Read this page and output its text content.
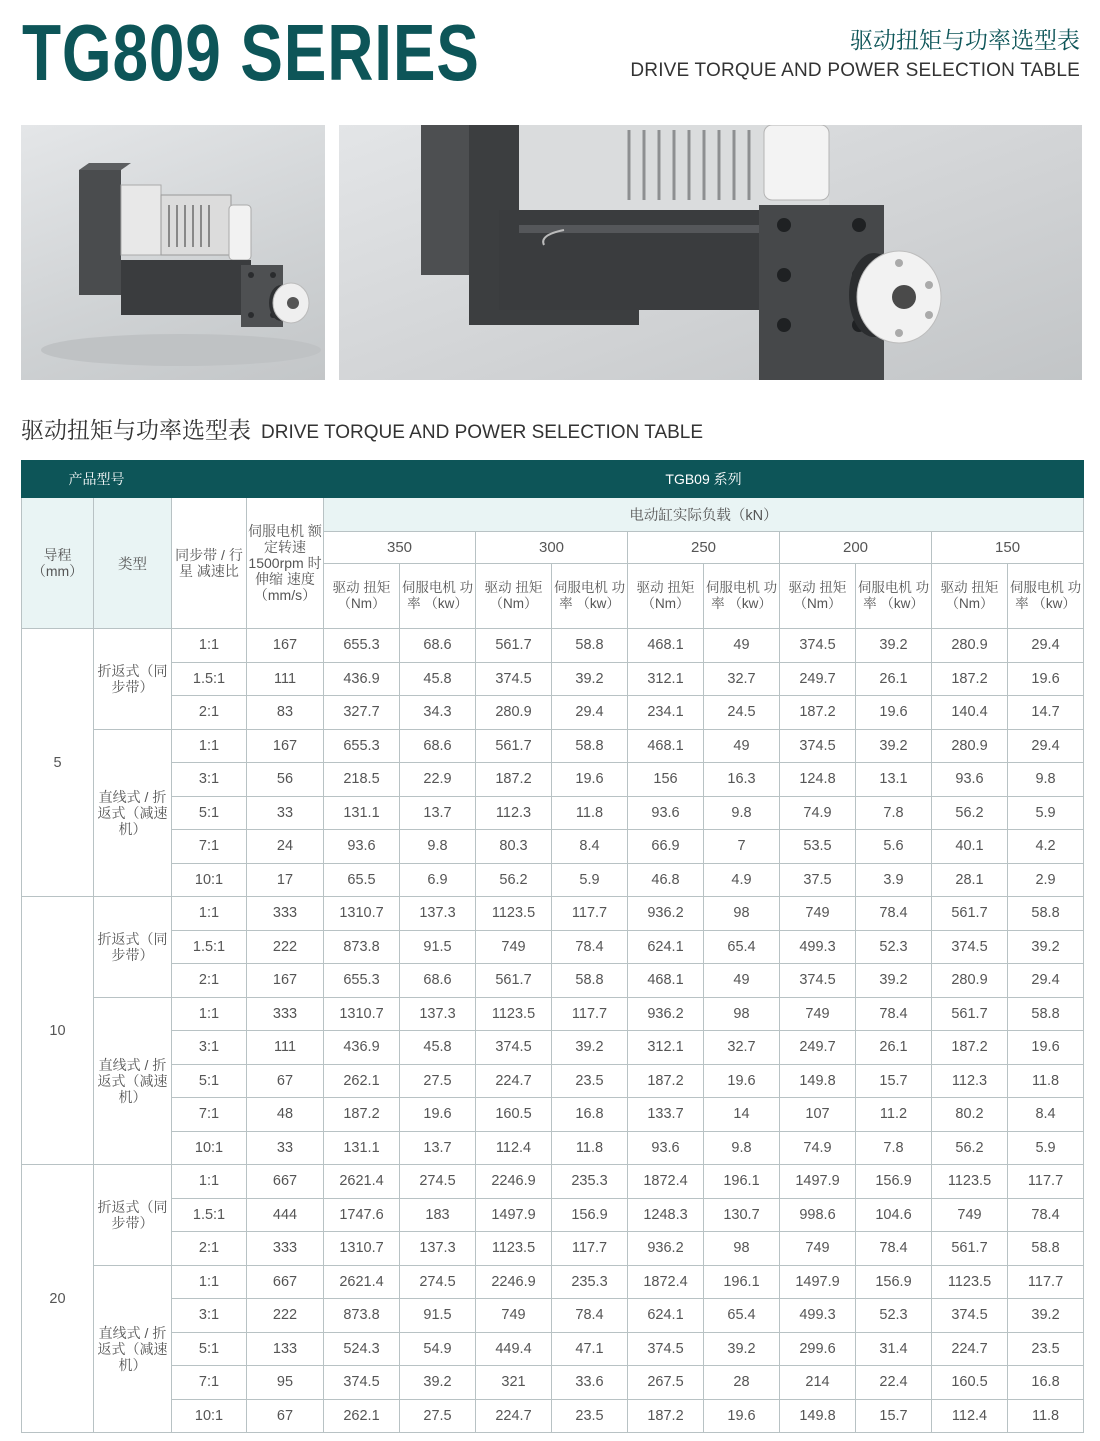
TG809 SERIES	驱动扭矩与功率选型表
DRIVE TORQUE AND POWER SELECTION TABLE
驱动扭矩与功率选型表 DRIVE TORQUE AND POWER SELECTION TABLE
产品型号				TGB09 系列									
导程（mm）	类型	同步带 / 行星 减速比	伺服电机 额定转速 1500rpm 时伸缩 速度 （mm/s）	电动缸实际负载（kN）									
				350		300		250		200		150	
				驱动 扭矩 （Nm）	伺服电机 功率 （kw）	驱动 扭矩 （Nm）	伺服电机 功率 （kw）	驱动 扭矩 （Nm）	伺服电机 功率 （kw）	驱动 扭矩 （Nm）	伺服电机 功率 （kw）	驱动 扭矩 （Nm）	伺服电机 功率 （kw）
5	折返式（同步带）	1:1	167	655.3	68.6	561.7	58.8	468.1	49	374.5	39.2	280.9	29.4
		1.5:1	111	436.9	45.8	374.5	39.2	312.1	32.7	249.7	26.1	187.2	19.6
		2:1	83	327.7	34.3	280.9	29.4	234.1	24.5	187.2	19.6	140.4	14.7
	直线式 / 折返式（减速机）	1:1	167	655.3	68.6	561.7	58.8	468.1	49	374.5	39.2	280.9	29.4
		3:1	56	218.5	22.9	187.2	19.6	156	16.3	124.8	13.1	93.6	9.8
		5:1	33	131.1	13.7	112.3	11.8	93.6	9.8	74.9	7.8	56.2	5.9
		7:1	24	93.6	9.8	80.3	8.4	66.9	7	53.5	5.6	40.1	4.2
		10:1	17	65.5	6.9	56.2	5.9	46.8	4.9	37.5	3.9	28.1	2.9
10	折返式（同步带）	1:1	333	1310.7	137.3	1123.5	117.7	936.2	98	749	78.4	561.7	58.8
		1.5:1	222	873.8	91.5	749	78.4	624.1	65.4	499.3	52.3	374.5	39.2
		2:1	167	655.3	68.6	561.7	58.8	468.1	49	374.5	39.2	280.9	29.4
	直线式 / 折返式（减速机）	1:1	333	1310.7	137.3	1123.5	117.7	936.2	98	749	78.4	561.7	58.8
		3:1	111	436.9	45.8	374.5	39.2	312.1	32.7	249.7	26.1	187.2	19.6
		5:1	67	262.1	27.5	224.7	23.5	187.2	19.6	149.8	15.7	112.3	11.8
		7:1	48	187.2	19.6	160.5	16.8	133.7	14	107	11.2	80.2	8.4
		10:1	33	131.1	13.7	112.4	11.8	93.6	9.8	74.9	7.8	56.2	5.9
20	折返式（同步带）	1:1	667	2621.4	274.5	2246.9	235.3	1872.4	196.1	1497.9	156.9	1123.5	117.7
		1.5:1	444	1747.6	183	1497.9	156.9	1248.3	130.7	998.6	104.6	749	78.4
		2:1	333	1310.7	137.3	1123.5	117.7	936.2	98	749	78.4	561.7	58.8
	直线式 / 折返式（减速机）	1:1	667	2621.4	274.5	2246.9	235.3	1872.4	196.1	1497.9	156.9	1123.5	117.7
		3:1	222	873.8	91.5	749	78.4	624.1	65.4	499.3	52.3	374.5	39.2
		5:1	133	524.3	54.9	449.4	47.1	374.5	39.2	299.6	31.4	224.7	23.5
		7:1	95	374.5	39.2	321	33.6	267.5	28	214	22.4	160.5	16.8
		10:1	67	262.1	27.5	224.7	23.5	187.2	19.6	149.8	15.7	112.4	11.8
